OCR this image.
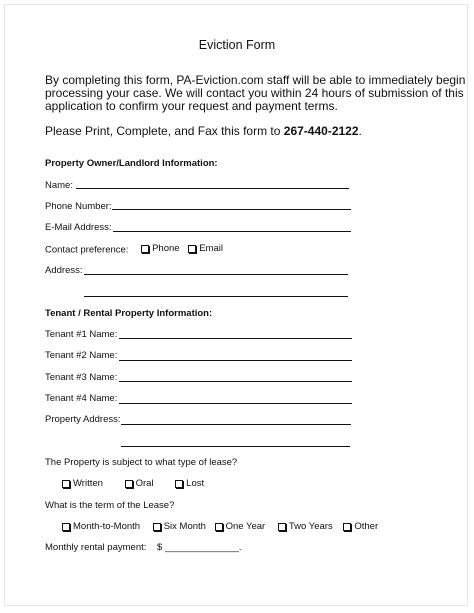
Eviction Form
By completing this form, PA-Eviction.com staff will be able to immediately begin
processing your case. We will contact you within 24 hours of submission of this
application to confirm your request and payment terms.
Please Print, Complete, and Fax this form to 267-440-2122.
Property Owner/Landlord Information:
Name:
Phone Number:
E-Mail Address:
Contact preference: Phone
Email
Address:
Tenant / Rental Property Information:
Tenant #1 Name:
Tenant #2 Name:
Tenant #3 Name:
Tenant #4 Name:
Property Address:
The Property is subject to what type of lease?
Written
	Oral
	Lost
What is the term of the Lease?
Month-to-Month
Six Month
One Year
Two Years
Other
Monthly rental payment: $ ______________.
